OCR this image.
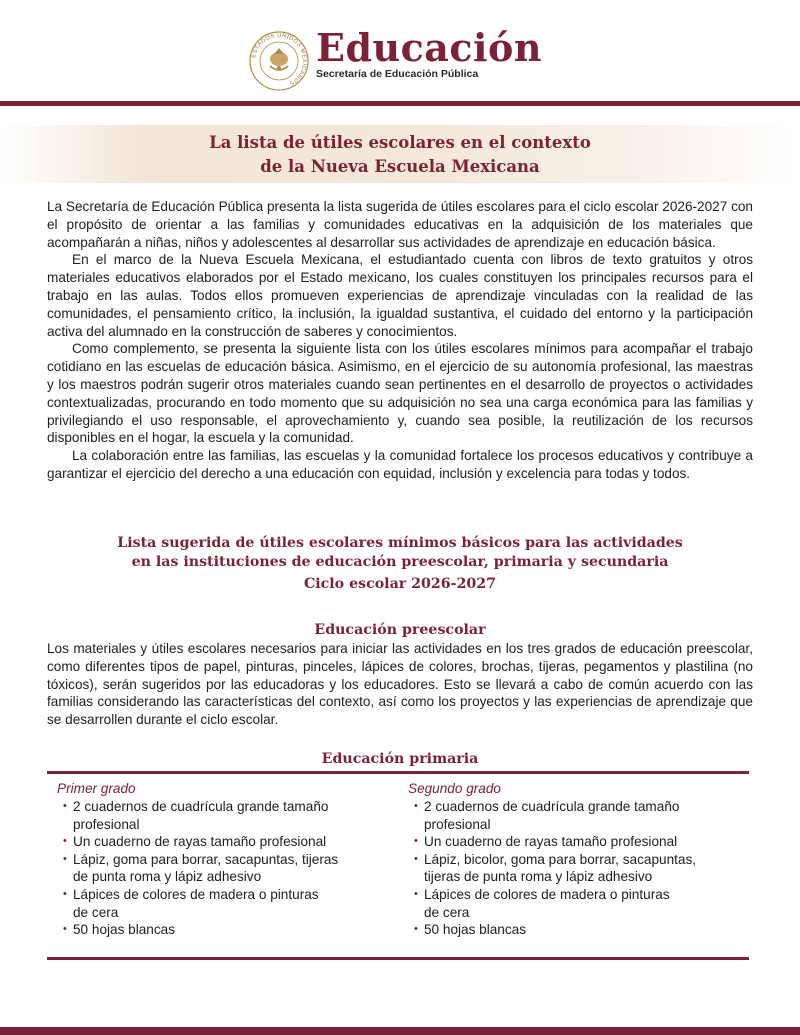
ESTADOS UNIDOS MEXICANOS
Educación
Secretaría de Educación Pública
La lista de útiles escolares en el contexto
de la Nueva Escuela Mexicana

La Secretaría de Educación Pública presenta la lista sugerida de útiles escolares para el ciclo escolar 2026-2027 con el propósito de orientar a las familias y comunidades educativas en la adquisición de los materiales que acompañarán a niñas, niños y adolescentes al desarrollar sus actividades de aprendizaje en educación básica.

En el marco de la Nueva Escuela Mexicana, el estudiantado cuenta con libros de texto gratuitos y otros materiales educativos elaborados por el Estado mexicano, los cuales constituyen los principales recursos para el trabajo en las aulas. Todos ellos promueven experiencias de aprendizaje vinculadas con la realidad de las comunidades, el pensamiento crítico, la inclusión, la igualdad sustantiva, el cuidado del entorno y la participación activa del alumnado en la construcción de saberes y conocimientos.

Como complemento, se presenta la siguiente lista con los útiles escolares mínimos para acompañar el trabajo cotidiano en las escuelas de educación básica. Asimismo, en el ejercicio de su autonomía profesional, las maestras y los maestros podrán sugerir otros materiales cuando sean pertinentes en el desarrollo de proyectos o actividades contextualizadas, procurando en todo momento que su adquisición no sea una carga económica para las familias y privilegiando el uso responsable, el aprovechamiento y, cuando sea posible, la reutilización de los recursos disponibles en el hogar, la escuela y la comunidad.

La colaboración entre las familias, las escuelas y la comunidad fortalece los procesos educativos y contribuye a garantizar el ejercicio del derecho a una educación con equidad, inclusión y excelencia para todas y todos.

Lista sugerida de útiles escolares mínimos básicos para las actividades
en las instituciones de educación preescolar, primaria y secundaria
Ciclo escolar 2026-2027
Educación preescolar

Los materiales y útiles escolares necesarios para iniciar las actividades en los tres grados de educación preescolar, como diferentes tipos de papel, pinturas, pinceles, lápices de colores, brochas, tijeras, pegamentos y plastilina (no tóxicos), serán sugeridos por las educadoras y los educadores. Esto se llevará a cabo de común acuerdo con las familias considerando las características del contexto, así como los proyectos y las experiencias de aprendizaje que se desarrollen durante el ciclo escolar.

Educación primaria
Primer grado
• 2 cuadernos de cuadrícula grande tamaño
profesional
• Un cuaderno de rayas tamaño profesional
• Lápiz, goma para borrar, sacapuntas, tijeras
de punta roma y lápiz adhesivo
• Lápices de colores de madera o pinturas
de cera
• 50 hojas blancas
Segundo grado
• 2 cuadernos de cuadrícula grande tamaño
profesional
• Un cuaderno de rayas tamaño profesional
• Lápiz, bicolor, goma para borrar, sacapuntas,
tijeras de punta roma y lápiz adhesivo
• Lápices de colores de madera o pinturas
de cera
• 50 hojas blancas
